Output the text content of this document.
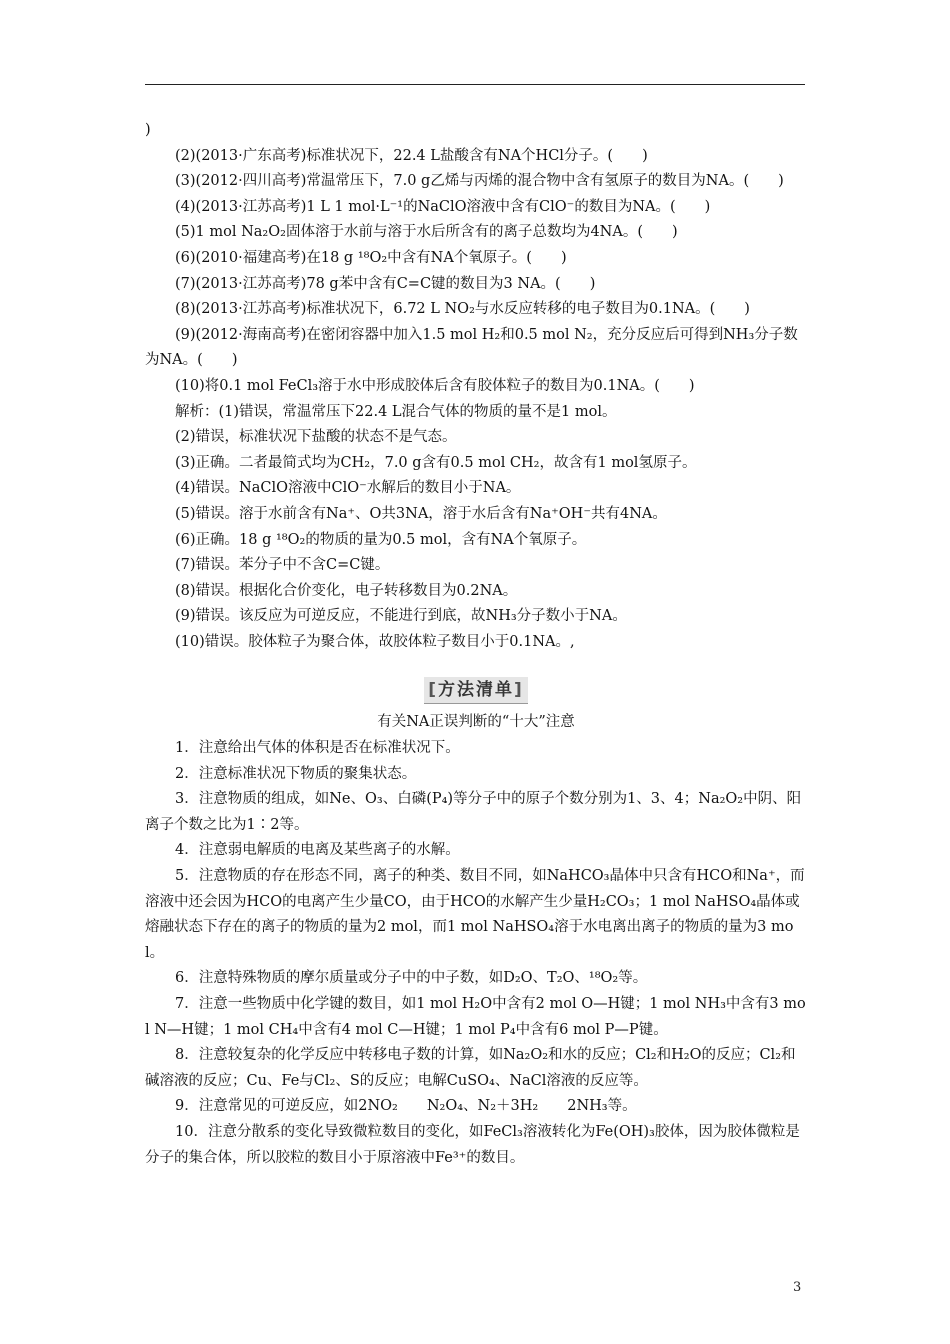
)

(2)(2013·广东高考)标准状况下，22.4 L盐酸含有NA个HCl分子。(　　)

(3)(2012·四川高考)常温常压下，7.0 g乙烯与丙烯的混合物中含有氢原子的数目为NA。(　　)

(4)(2013·江苏高考)1 L 1 mol·L⁻¹的NaClO溶液中含有ClO⁻的数目为NA。(　　)

(5)1 mol Na₂O₂固体溶于水前与溶于水后所含有的离子总数均为4NA。(　　)

(6)(2010·福建高考)在18 g ¹⁸O₂中含有NA个氧原子。(　　)

(7)(2013·江苏高考)78 g苯中含有C=C键的数目为3 NA。(　　)

(8)(2013·江苏高考)标准状况下，6.72 L NO₂与水反应转移的电子数目为0.1NA。(　　)

(9)(2012·海南高考)在密闭容器中加入1.5 mol H₂和0.5 mol N₂，充分反应后可得到NH₃分子数为NA。(　　)

(10)将0.1 mol FeCl₃溶于水中形成胶体后含有胶体粒子的数目为0.1NA。(　　)

解析：(1)错误，常温常压下22.4 L混合气体的物质的量不是1 mol。

(2)错误，标准状况下盐酸的状态不是气态。

(3)正确。二者最简式均为CH₂，7.0 g含有0.5 mol CH₂，故含有1 mol氢原子。

(4)错误。NaClO溶液中ClO⁻水解后的数目小于NA。

(5)错误。溶于水前含有Na⁺、O共3NA，溶于水后含有Na⁺OH⁻共有4NA。

(6)正确。18 g ¹⁸O₂的物质的量为0.5 mol，含有NA个氧原子。

(7)错误。苯分子中不含C=C键。

(8)错误。根据化合价变化，电子转移数目为0.2NA。

(9)错误。该反应为可逆反应，不能进行到底，故NH₃分子数小于NA。

(10)错误。胶体粒子为聚合体，故胶体粒子数目小于0.1NA。,

[方法清单]

有关NA正误判断的“十大”注意

1．注意给出气体的体积是否在标准状况下。

2．注意标准状况下物质的聚集状态。

3．注意物质的组成，如Ne、O₃、白磷(P₄)等分子中的原子个数分别为1、3、4；Na₂O₂中阴、阳离子个数之比为1∶2等。

4．注意弱电解质的电离及某些离子的水解。

5．注意物质的存在形态不同，离子的种类、数目不同，如NaHCO₃晶体中只含有HCO和Na⁺，而溶液中还会因为HCO的电离产生少量CO，由于HCO的水解产生少量H₂CO₃；1 mol NaHSO₄晶体或熔融状态下存在的离子的物质的量为2 mol，而1 mol NaHSO₄溶于水电离出离子的物质的量为3 mol。

6．注意特殊物质的摩尔质量或分子中的中子数，如D₂O、T₂O、¹⁸O₂等。

7．注意一些物质中化学键的数目，如1 mol H₂O中含有2 mol O—H键；1 mol NH₃中含有3 mol N—H键；1 mol CH₄中含有4 mol C—H键；1 mol P₄中含有6 mol P—P键。

8．注意较复杂的化学反应中转移电子数的计算，如Na₂O₂和水的反应；Cl₂和H₂O的反应；Cl₂和碱溶液的反应；Cu、Fe与Cl₂、S的反应；电解CuSO₄、NaCl溶液的反应等。

9．注意常见的可逆反应，如2NO₂　　N₂O₄、N₂＋3H₂　　2NH₃等。

10．注意分散系的变化导致微粒数目的变化，如FeCl₃溶液转化为Fe(OH)₃胶体，因为胶体微粒是分子的集合体，所以胶粒的数目小于原溶液中Fe³⁺的数目。

3
